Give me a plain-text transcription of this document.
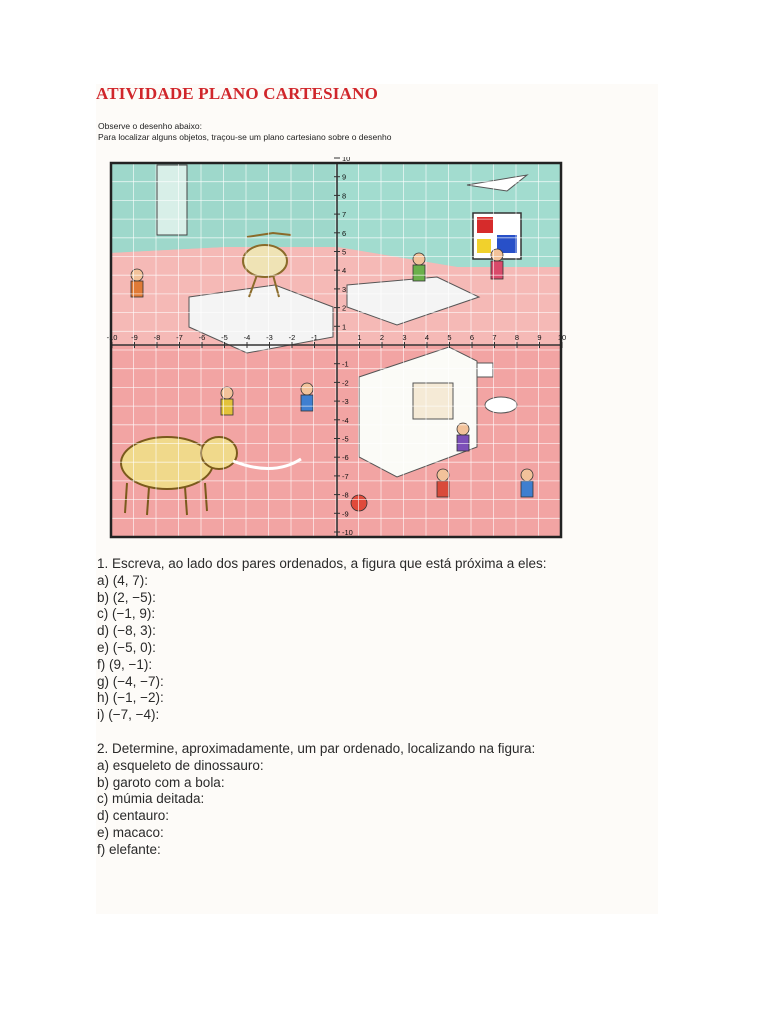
ATIVIDADE PLANO CARTESIANO
Observe o desenho abaixo:
Para localizar alguns objetos, traçou-se um plano cartesiano sobre o desenho
-10 -9 -8 -7 -6 -5 -4 -3 -2 -1	1 2 3 4 5 6 7 8 9 10
10
9
8
7
6
5
4
3
2
1
-1
-2
-3
-4
-5
-6
-7
-8
-9
-10

1. Escreva, ao lado dos pares ordenados, a figura que está próxima a eles:

a) (4, 7):

b) (2, −5):

c) (−1, 9):

d) (−8, 3):

e) (−5, 0):

f) (9, −1):

g) (−4, −7):

h) (−1, −2):

i) (−7, −4):

2. Determine, aproximadamente, um par ordenado, localizando na figura:

a) esqueleto de dinossauro:

b) garoto com a bola:

c) múmia deitada:

d) centauro:

e) macaco:

f) elefante:
